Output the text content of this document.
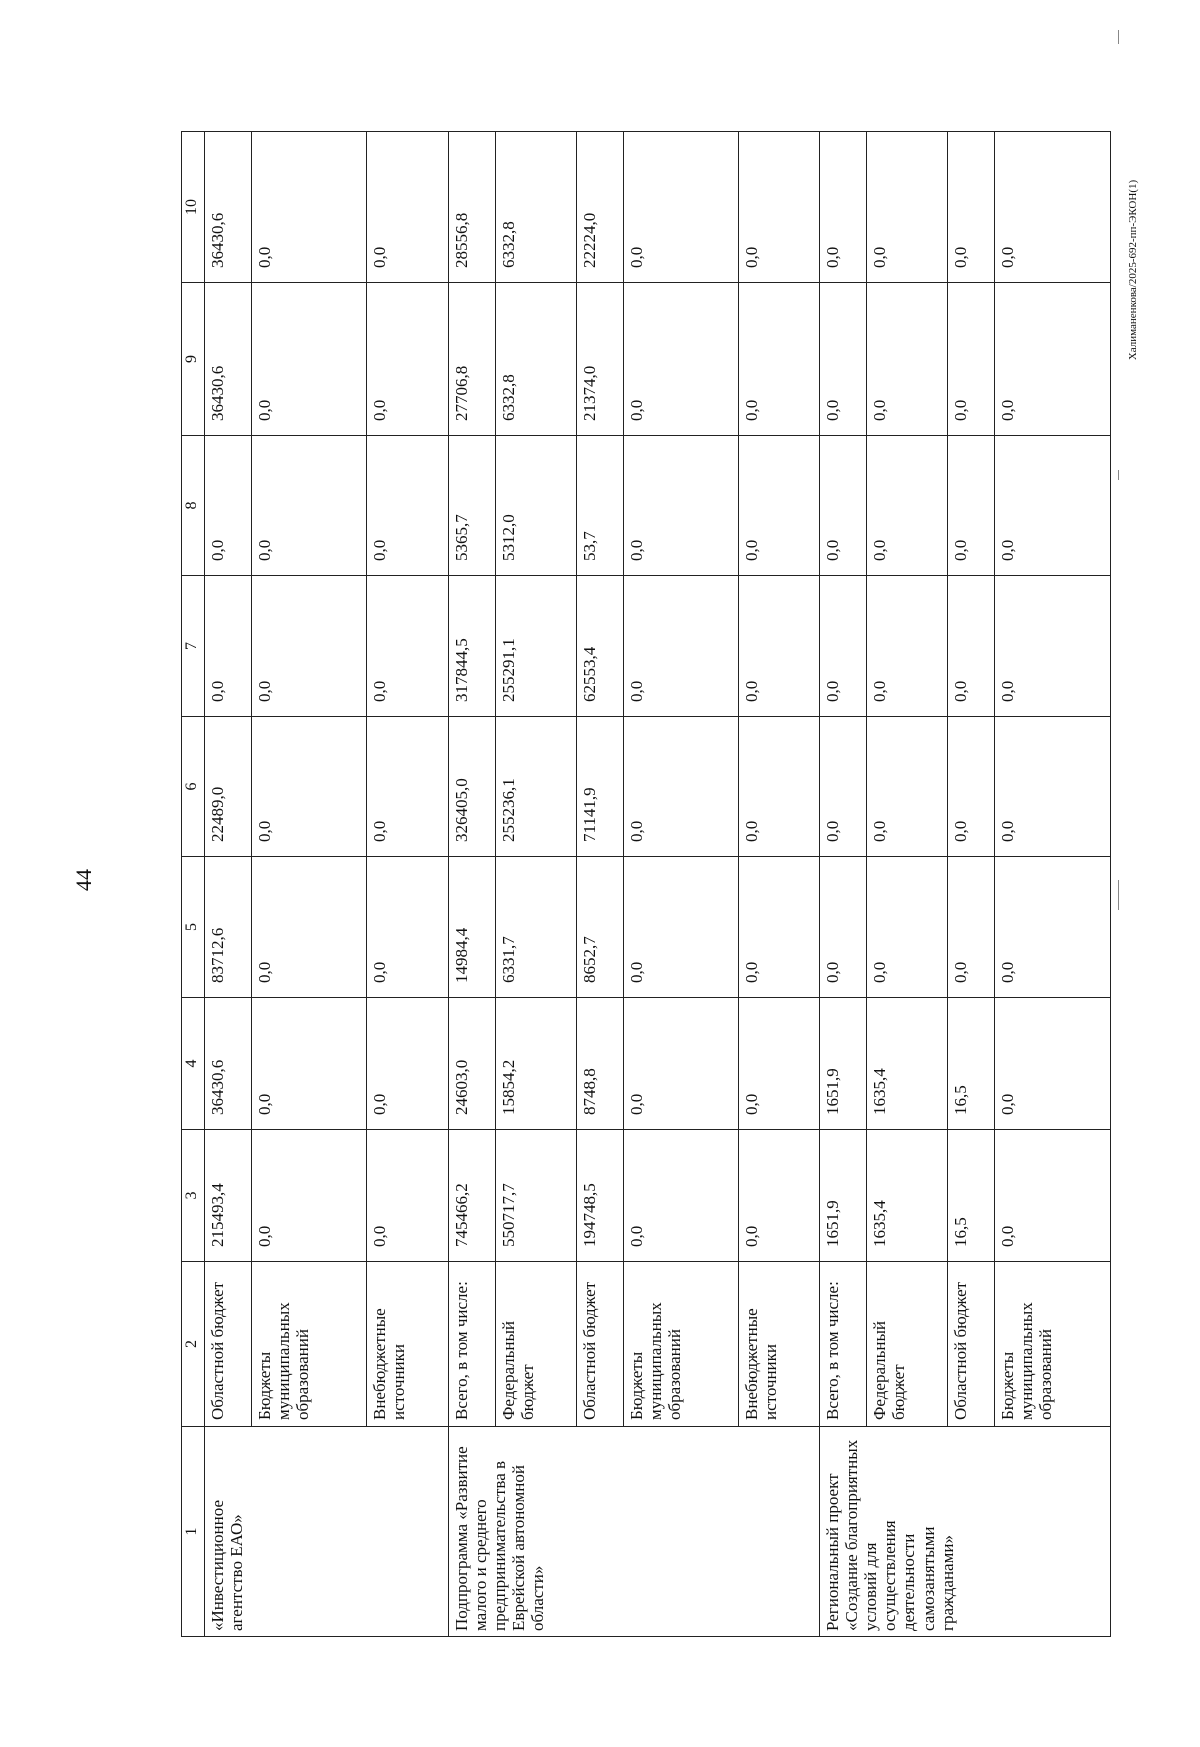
44
Халиманенкова/2025-692-пп-ЭКОН(1)
1	2	3	4	5	6	7	8	9	10
«Инвестиционное агентство ЕАО»	Областной бюджет	215493,4	36430,6	83712,6	22489,0	0,0	0,0	36430,6	36430,6
	Бюджеты муниципальных образований	0,0	0,0	0,0	0,0	0,0	0,0	0,0	0,0
	Внебюджетные источники	0,0	0,0	0,0	0,0	0,0	0,0	0,0	0,0
Подпрограмма «Развитие малого и среднего предпринимательства в Еврейской автономной области»	Всего, в том числе:	745466,2	24603,0	14984,4	326405,0	317844,5	5365,7	27706,8	28556,8
	Федеральный бюджет	550717,7	15854,2	6331,7	255236,1	255291,1	5312,0	6332,8	6332,8
	Областной бюджет	194748,5	8748,8	8652,7	71141,9	62553,4	53,7	21374,0	22224,0
	Бюджеты муниципальных образований	0,0	0,0	0,0	0,0	0,0	0,0	0,0	0,0
	Внебюджетные источники	0,0	0,0	0,0	0,0	0,0	0,0	0,0	0,0
Региональный проект «Создание благоприятных условий для осуществления деятельности самозанятыми гражданами»	Всего, в том числе:	1651,9	1651,9	0,0	0,0	0,0	0,0	0,0	0,0
	Федеральный бюджет	1635,4	1635,4	0,0	0,0	0,0	0,0	0,0	0,0
	Областной бюджет	16,5	16,5	0,0	0,0	0,0	0,0	0,0	0,0
	Бюджеты муниципальных образований	0,0	0,0	0,0	0,0	0,0	0,0	0,0	0,0
